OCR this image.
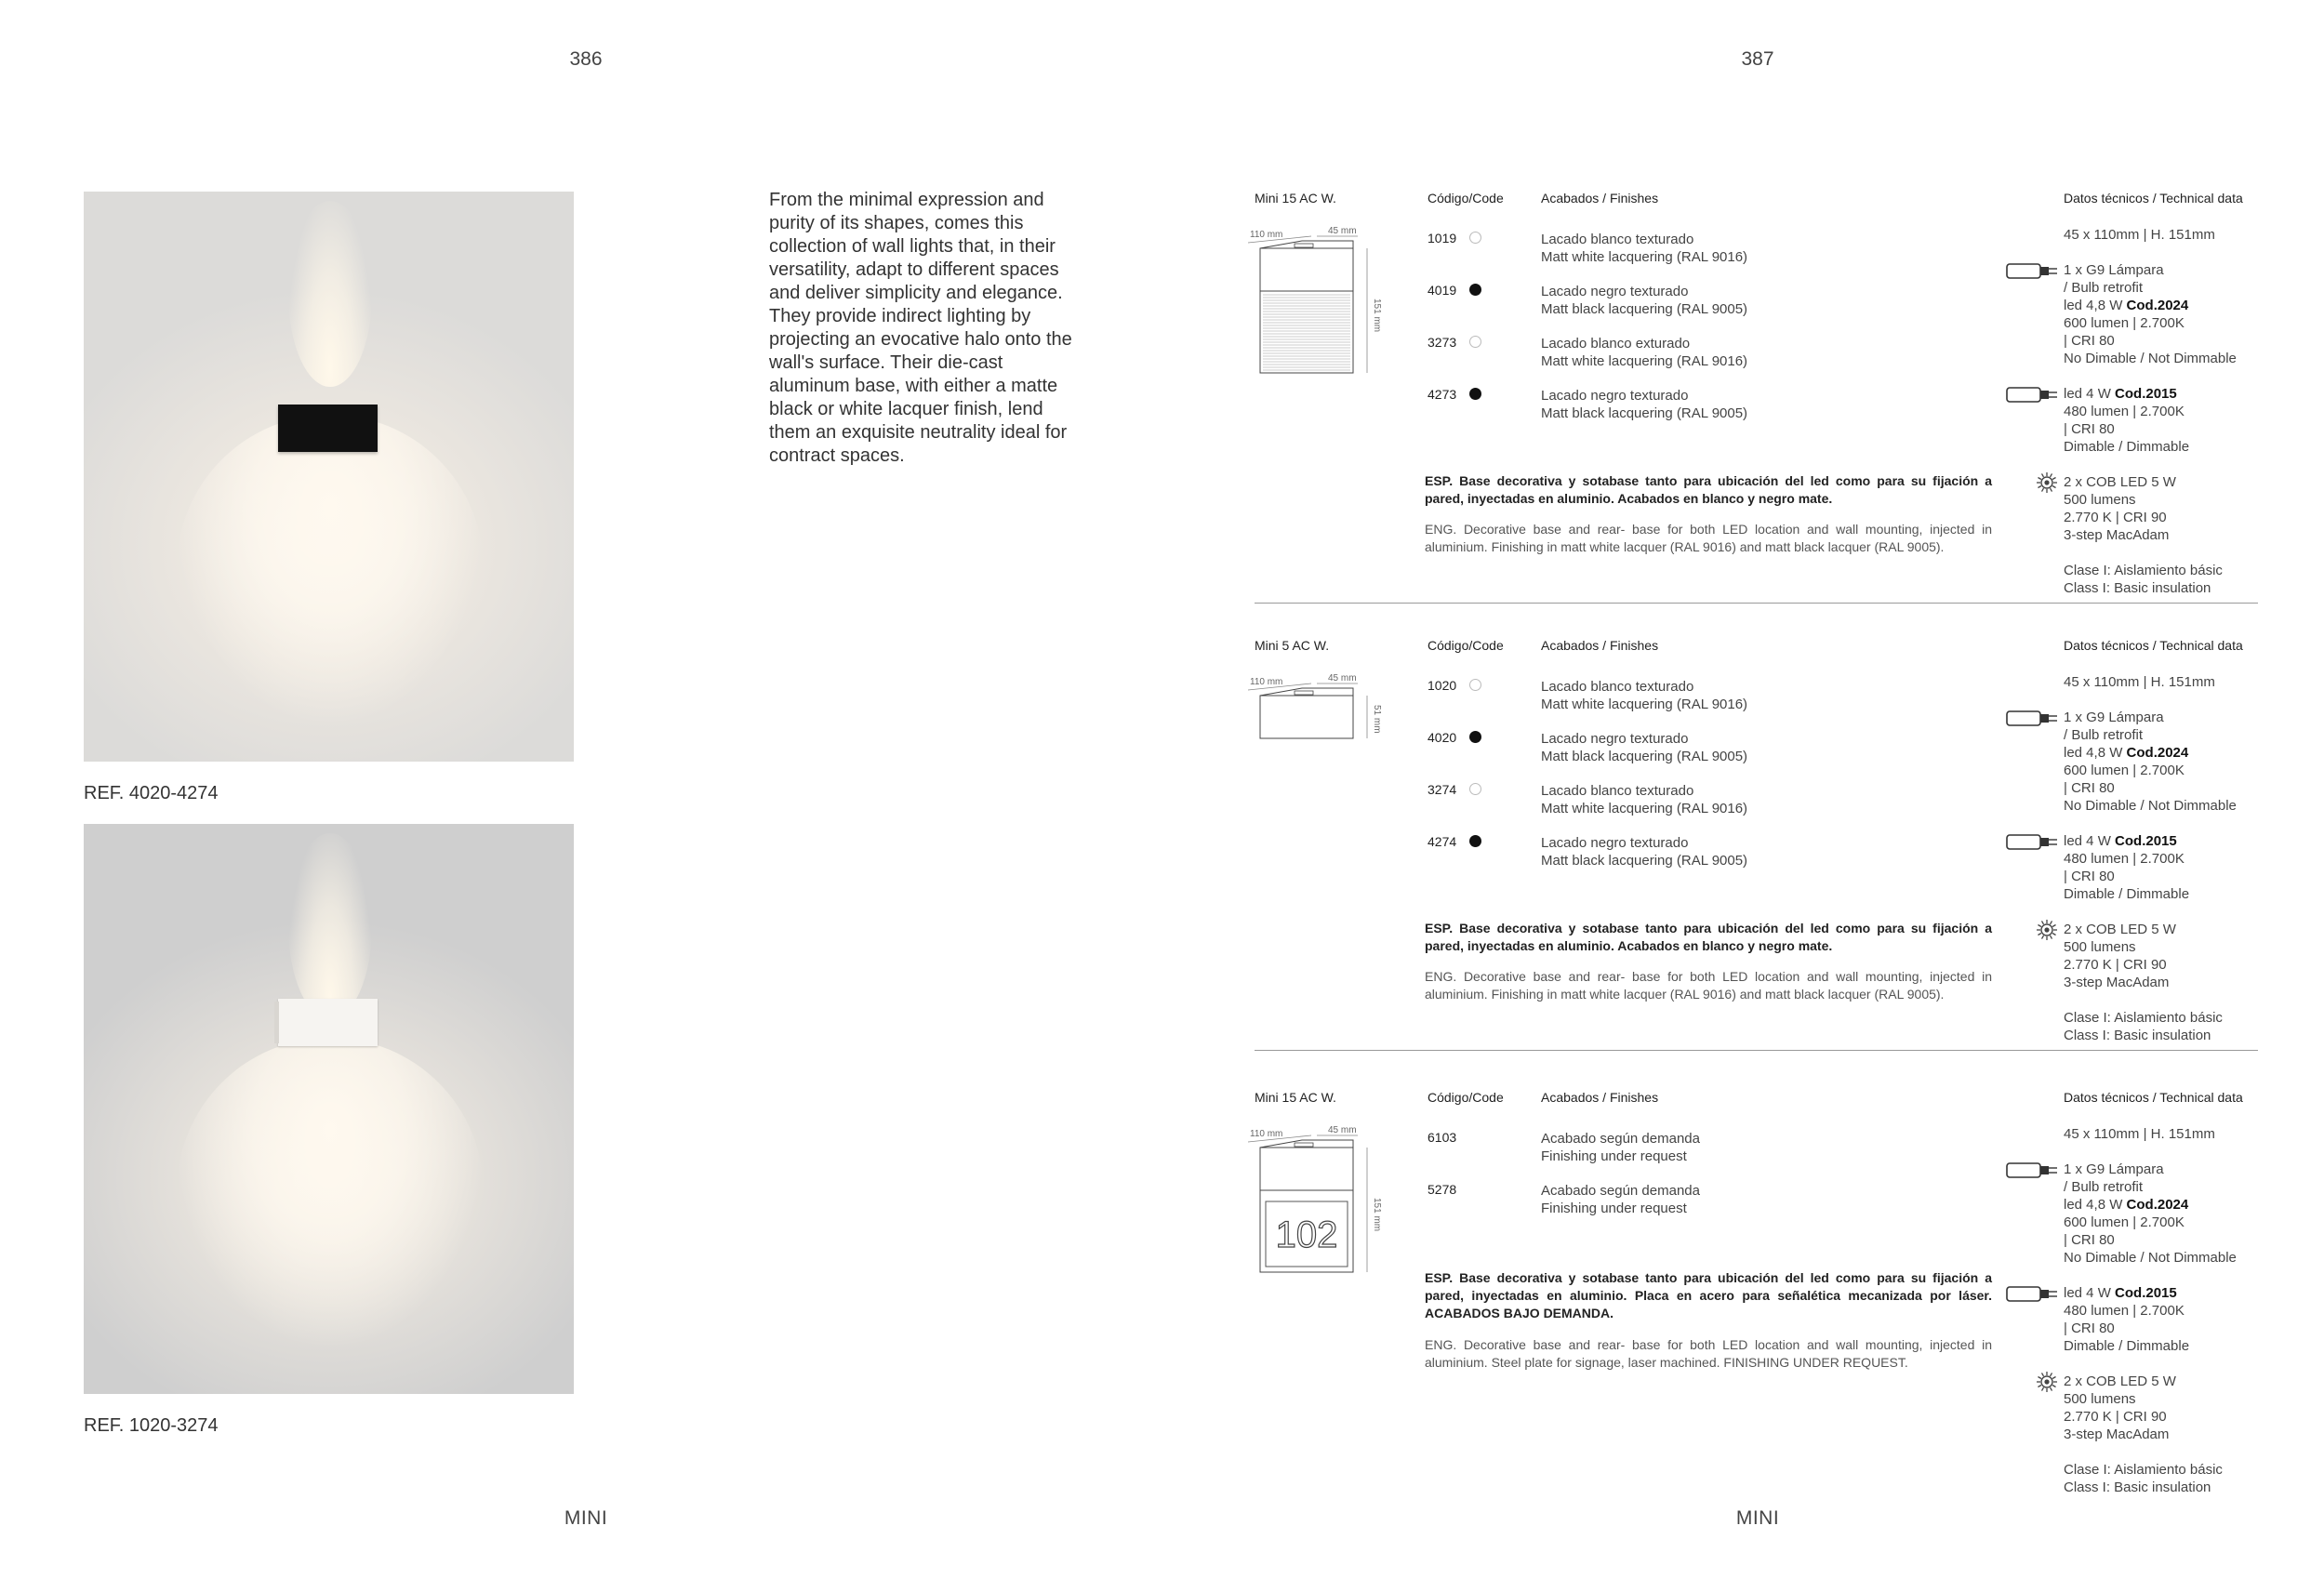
386	387
REF. 4020-4274
REF. 1020-3274
From the minimal expression and purity of its shapes, comes this collection of wall lights that, in their versatility, adapt to different spaces and deliver simplicity and elegance. They provide indirect lighting by projecting an evocative halo onto the wall's surface. Their die-cast aluminum base, with either a matte black or white lacquer finish, lend them an exquisite neutrality ideal for contract spaces.
Mini 15 AC W.	Código/Code	Acabados / Finishes	Datos técnicos / Technical data
110 mm	45 mm
151 mm
1019	Lacado blanco texturado
Matt white lacquering (RAL 9016)
4019	Lacado negro texturado
Matt black lacquering (RAL 9005)
3273	Lacado blanco exturado
Matt white lacquering (RAL 9016)
4273	Lacado negro texturado
Matt black lacquering (RAL 9005)
ESP. Base decorativa y sotabase tanto para ubicación del led como para su fijación a pared, inyectadas en aluminio. Acabados en blanco y negro mate.
ENG. Decorative base and rear- base for both LED location and wall mounting, injected in aluminium. Finishing in matt white lacquer (RAL 9016) and matt black lacquer (RAL 9005).
45 x 110mm | H. 151mm
1 x G9 Lámpara
/ Bulb retrofit
led 4,8 W Cod.2024
600 lumen | 2.700K
| CRI 80
No Dimable / Not Dimmable
led 4 W Cod.2015
480 lumen | 2.700K
| CRI 80
Dimable / Dimmable
2 x COB LED 5 W
500 lumens
2.770 K | CRI 90
3-step MacAdam
Clase I: Aislamiento básic
Class I: Basic insulation
Mini 5 AC W.	Código/Code	Acabados / Finishes	Datos técnicos / Technical data
110 mm	45 mm
51 mm
1020	Lacado blanco texturado
Matt white lacquering (RAL 9016)
4020	Lacado negro texturado
Matt black lacquering (RAL 9005)
3274	Lacado blanco texturado
Matt white lacquering (RAL 9016)
4274	Lacado negro texturado
Matt black lacquering (RAL 9005)
ESP. Base decorativa y sotabase tanto para ubicación del led como para su fijación a pared, inyectadas en aluminio. Acabados en blanco y negro mate.
ENG. Decorative base and rear- base for both LED location and wall mounting, injected in aluminium. Finishing in matt white lacquer (RAL 9016) and matt black lacquer (RAL 9005).
45 x 110mm | H. 151mm
1 x G9 Lámpara
/ Bulb retrofit
led 4,8 W Cod.2024
600 lumen | 2.700K
| CRI 80
No Dimable / Not Dimmable
led 4 W Cod.2015
480 lumen | 2.700K
| CRI 80
Dimable / Dimmable
2 x COB LED 5 W
500 lumens
2.770 K | CRI 90
3-step MacAdam
Clase I: Aislamiento básic
Class I: Basic insulation
Mini 15 AC W.	Código/Code	Acabados / Finishes	Datos técnicos / Technical data
110 mm	45 mm
102	151 mm
6103	Acabado según demanda
Finishing under request
5278	Acabado según demanda
Finishing under request
ESP. Base decorativa y sotabase tanto para ubicación del led como para su fijación a pared, inyectadas en aluminio. Placa en acero para señalética mecanizada por láser. ACABADOS BAJO DEMANDA.
ENG. Decorative base and rear- base for both LED location and wall mounting, injected in aluminium. Steel plate for signage, laser machined. FINISHING UNDER REQUEST.
45 x 110mm | H. 151mm
1 x G9 Lámpara
/ Bulb retrofit
led 4,8 W Cod.2024
600 lumen | 2.700K
| CRI 80
No Dimable / Not Dimmable
led 4 W Cod.2015
480 lumen | 2.700K
| CRI 80
Dimable / Dimmable
2 x COB LED 5 W
500 lumens
2.770 K | CRI 90
3-step MacAdam
Clase I: Aislamiento básic
Class I: Basic insulation
MINI	MINI
